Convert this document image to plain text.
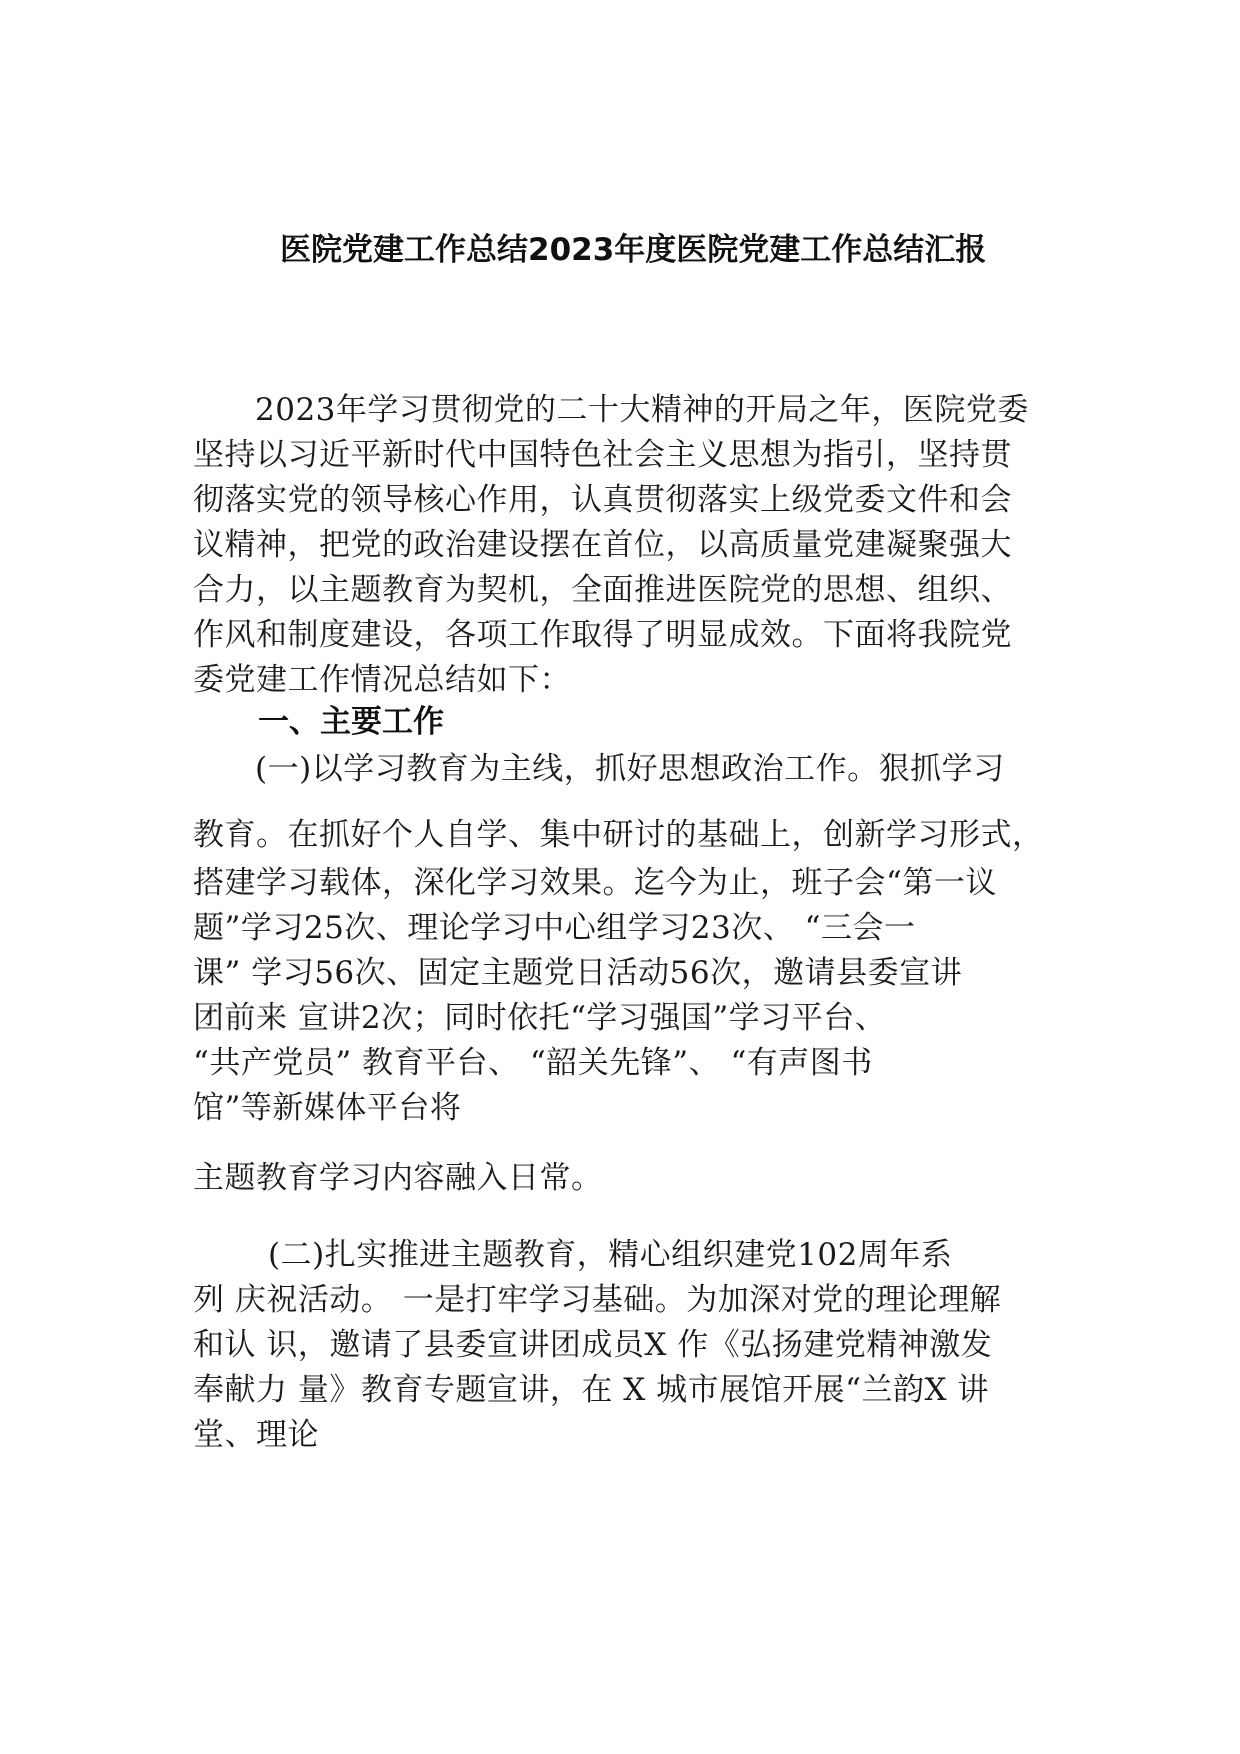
医院党建工作总结2023年度医院党建工作总结汇报
2023年学习贯彻党的二十大精神的开局之年，医院党委
坚持以习近平新时代中国特色社会主义思想为指引，坚持贯
彻落实党的领导核心作用，认真贯彻落实上级党委文件和会
议精神，把党的政治建设摆在首位，以高质量党建凝聚强大
合力，以主题教育为契机，全面推进医院党的思想、组织、
作风和制度建设，各项工作取得了明显成效。下面将我院党
委党建工作情况总结如下：
一、主要工作
(一)以学习教育为主线，抓好思想政治工作。狠抓学习
教育。在抓好个人自学、集中研讨的基础上，创新学习形式，
搭建学习载体，深化学习效果。迄今为止，班子会“第一议
题”学习25次、理论学习中心组学习23次、 “三会一
课” 学习56次、固定主题党日活动56次，邀请县委宣讲
团前来 宣讲2次；同时依托“学习强国”学习平台、
“共产党员” 教育平台、 “韶关先锋”、 “有声图书
馆”等新媒体平台将
主题教育学习内容融入日常。
(二)扎实推进主题教育，精心组织建党102周年系
列 庆祝活动。 一是打牢学习基础。为加深对党的理论理解
和认 识，邀请了县委宣讲团成员X 作《弘扬建党精神激发
奉献力 量》教育专题宣讲，在 X 城市展馆开展“兰韵X 讲
堂、理论
